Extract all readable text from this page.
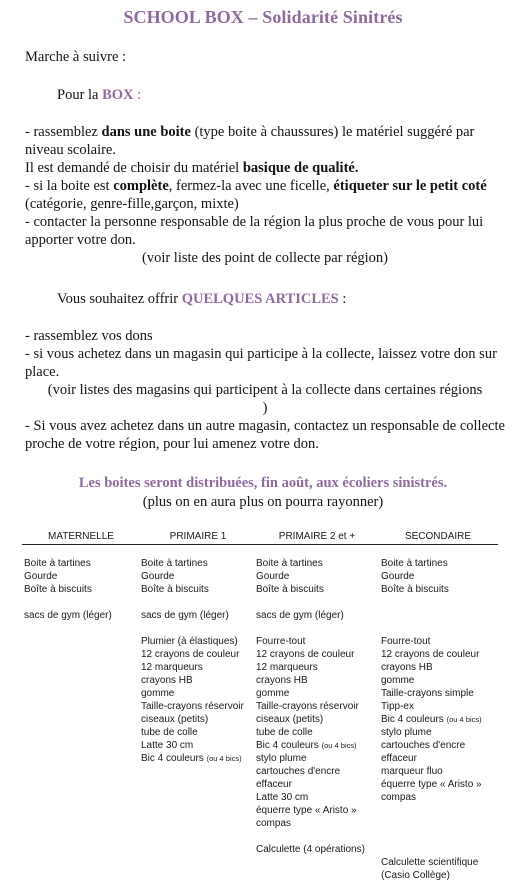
SCHOOL BOX – Solidarité Sinitrés
Marche à suivre :
Pour la BOX :
- rassemblez dans une boite (type boite à chaussures) le matériel suggéré par niveau scolaire.
Il est demandé de choisir du matériel basique de qualité.
- si la boite est complète, fermez-la avec une ficelle, étiqueter sur le petit coté (catégorie, genre-fille,garçon, mixte)
- contacter la personne responsable de la région la plus proche de vous pour lui apporter votre don.
(voir liste des point de collecte par région)
Vous souhaitez offrir QUELQUES ARTICLES :
- rassemblez vos dons
- si vous achetez dans un magasin qui participe à la collecte, laissez votre don sur place.
(voir listes des magasins qui participent à la collecte dans certaines régions )
- Si vous avez achetez dans un autre magasin, contactez un responsable de collecte proche de votre région, pour lui amenez votre don.
Les boites seront distribuées, fin août, aux écoliers sinistrés.
(plus on en aura plus on pourra rayonner)
MATERNELLE
Boite à tartines
Gourde
Boîte à biscuits
sacs de gym (léger)
PRIMAIRE 1
Boite à tartines
Gourde
Boîte à biscuits
sacs de gym (léger)
Plumier (à élastiques)
12 crayons de couleur
12 marqueurs
crayons HB
gomme
Taille-crayons réservoir
ciseaux (petits)
tube de colle
Latte 30 cm
Bic 4 couleurs (ou 4 bics)
PRIMAIRE 2 et +
Boite à tartines
Gourde
Boîte à biscuits
sacs de gym (léger)
Fourre-tout
12 crayons de couleur
12 marqueurs
crayons HB
gomme
Taille-crayons réservoir
ciseaux (petits)
tube de colle
Bic 4 couleurs (ou 4 bics)
stylo plume
cartouches d'encre
effaceur
Latte 30 cm
équerre type « Aristo »
compas
Calculette (4 opérations)
SECONDAIRE
Boite à tartines
Gourde
Boîte à biscuits
Fourre-tout
12 crayons de couleur
crayons HB
gomme
Taille-crayons simple
Tipp-ex
Bic 4 couleurs (ou 4 bics)
stylo plume
cartouches d'encre
effaceur
marqueur fluo
équerre type « Aristo »
compas
Calculette scientifique
(Casio Collège)
